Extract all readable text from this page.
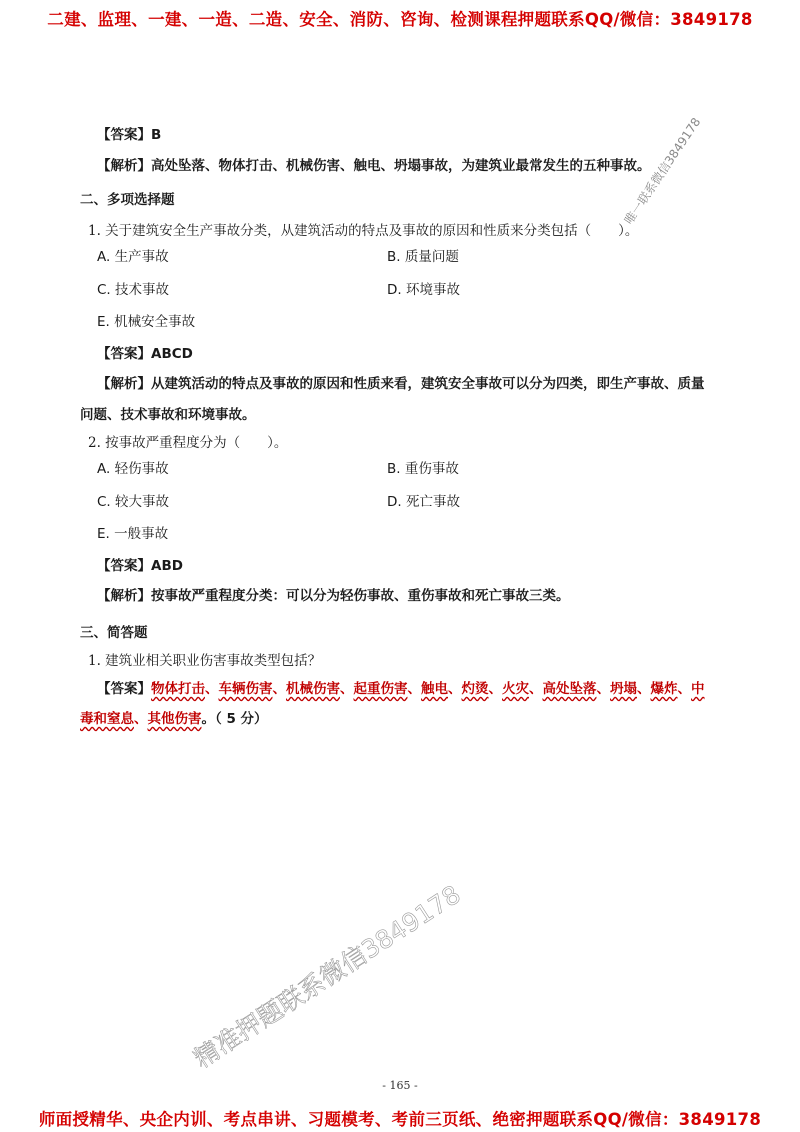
二建、监理、一建、一造、二造、安全、消防、咨询、检测课程押题联系QQ/微信：3849178
【答案】B
【解析】高处坠落、物体打击、机械伤害、触电、坍塌事故，为建筑业最常发生的五种事故。
二、多项选择题
1. 关于建筑安全生产事故分类，从建筑活动的特点及事故的原因和性质来分类包括（　　）。
A. 生产事故	B. 质量问题
C. 技术事故	D. 环境事故
E. 机械安全事故
【答案】ABCD
【解析】从建筑活动的特点及事故的原因和性质来看，建筑安全事故可以分为四类，即生产事故、质量
问题、技术事故和环境事故。
2. 按事故严重程度分为（　　）。
A. 轻伤事故	B. 重伤事故
C. 较大事故	D. 死亡事故
E. 一般事故
【答案】ABD
【解析】按事故严重程度分类：可以分为轻伤事故、重伤事故和死亡事故三类。
三、简答题
1. 建筑业相关职业伤害事故类型包括？
【答案】物体打击、车辆伤害、机械伤害、起重伤害、触电、灼烫、火灾、高处坠落、坍塌、爆炸、中
毒和窒息、其他伤害。（ 5 分）
唯一联系微信3849178
精准押题联系微信3849178
- 165 -
师面授精华、央企内训、考点串讲、习题模考、考前三页纸、绝密押题联系QQ/微信：3849178
